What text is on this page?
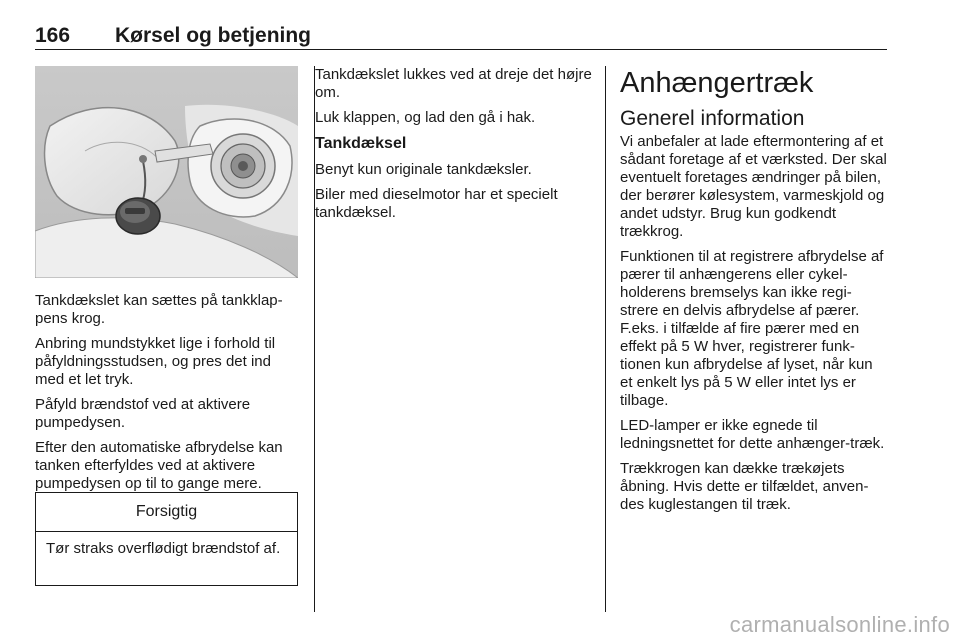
166 Kørsel og betjening

Tankdækslet kan sættes på tankklap-pens krog.

Anbring mundstykket lige i forhold til påfyldningsstudsen, og pres det ind med et let tryk.

Påfyld brændstof ved at aktivere pumpedysen.

Efter den automatiske afbrydelse kan tanken efterfyldes ved at aktivere pumpedysen op til to gange mere.

Forsigtig
Tør straks overflødigt brændstof af.

Tankdækslet lukkes ved at dreje det højre om.

Luk klappen, og lad den gå i hak.

Tankdæksel

Benyt kun originale tankdæksler.

Biler med dieselmotor har et specielt tankdæksel.

Anhængertræk
Generel information

Vi anbefaler at lade eftermontering af et sådant foretage af et værksted. Der skal eventuelt foretages ændringer på bilen, der berører kølesystem, varmeskjold og andet udstyr. Brug kun godkendt trækkrog.

Funktionen til at registrere afbrydelse af pærer til anhængerens eller cykel-holderens bremselys kan ikke regi-strere en delvis afbrydelse af pærer. F.eks. i tilfælde af fire pærer med en effekt på 5 W hver, registrerer funk-tionen kun afbrydelse af lyset, når kun et enkelt lys på 5 W eller intet lys er tilbage.

LED-lamper er ikke egnede til ledningsnettet for dette anhænger-træk.

Trækkrogen kan dække trækøjets åbning. Hvis dette er tilfældet, anven-des kuglestangen til træk.

carmanualsonline.info
